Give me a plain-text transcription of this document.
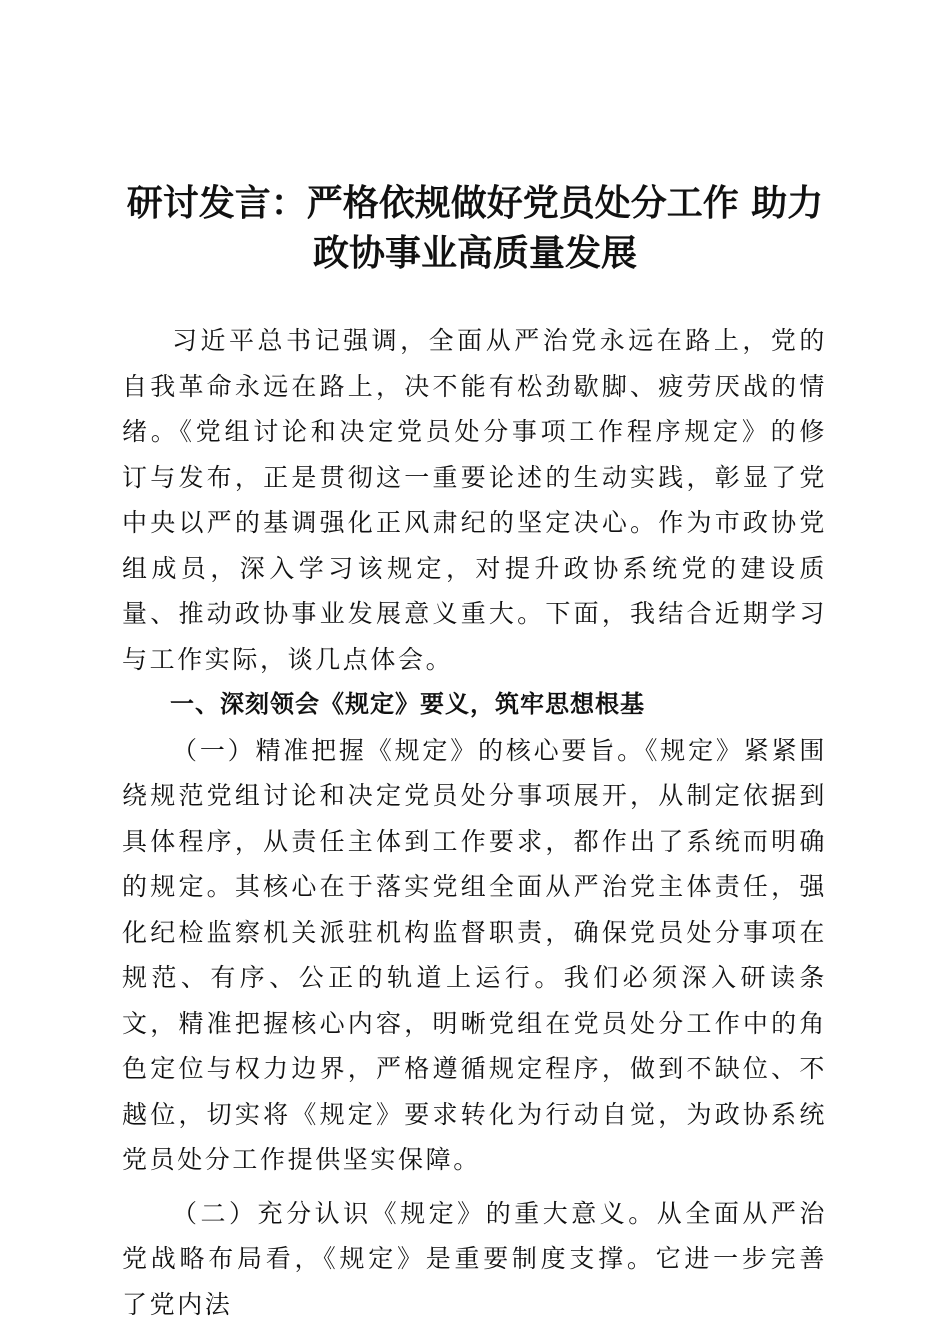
研讨发言：严格依规做好党员处分工作 助力
政协事业高质量发展

习近平总书记强调，全面从严治党永远在路上，党的自我革命永远在路上，决不能有松劲歇脚、疲劳厌战的情绪。《党组讨论和决定党员处分事项工作程序规定》的修订与发布，正是贯彻这一重要论述的生动实践，彰显了党中央以严的基调强化正风肃纪的坚定决心。作为市政协党组成员，深入学习该规定，对提升政协系统党的建设质量、推动政协事业发展意义重大。下面，我结合近期学习与工作实际，谈几点体会。

一、深刻领会《规定》要义，筑牢思想根基

（一）精准把握《规定》的核心要旨。《规定》紧紧围绕规范党组讨论和决定党员处分事项展开，从制定依据到具体程序，从责任主体到工作要求，都作出了系统而明确的规定。其核心在于落实党组全面从严治党主体责任，强化纪检监察机关派驻机构监督职责，确保党员处分事项在规范、有序、公正的轨道上运行。我们必须深入研读条文，精准把握核心内容，明晰党组在党员处分工作中的角色定位与权力边界，严格遵循规定程序，做到不缺位、不越位，切实将《规定》要求转化为行动自觉，为政协系统党员处分工作提供坚实保障。

（二）充分认识《规定》的重大意义。从全面从严治党战略布局看，《规定》是重要制度支撑。它进一步完善了党内法
